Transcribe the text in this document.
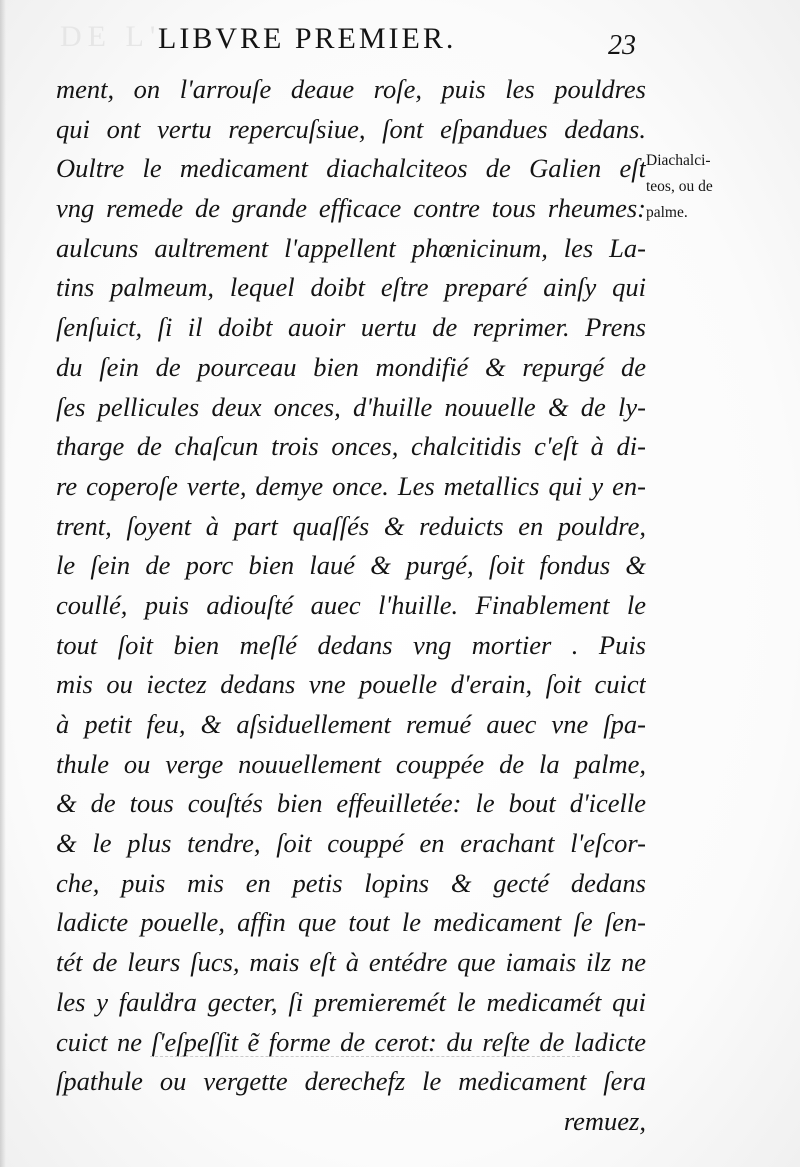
DE L'
LIBVRE PREMIER.	23
ment, on l'arrouſe deaue roſe, puis les pouldres
qui ont vertu repercuſsiue, ſont eſpandues dedans.
Oultre le medicament diachalciteos de Galien eſt
vng remede de grande efficace contre tous rheumes:
aulcuns aultrement l'appellent phœnicinum, les La-
tins palmeum, lequel doibt eſtre preparé ainſy qui
ſenſuict, ſi il doibt auoir uertu de reprimer. Prens
du ſein de pourceau bien mondifié & repurgé de
ſes pellicules deux onces, d'huille nouuelle & de ly-
tharge de chaſcun trois onces, chalcitidis c'eſt à di-
re coperoſe verte, demye once. Les metallics qui y en-
trent, ſoyent à part quaſſés & reduicts en pouldre,
le ſein de porc bien laué & purgé, ſoit fondus &
coullé, puis adiouſté auec l'huille. Finablement le
tout ſoit bien meſlé dedans vng mortier . Puis
mis ou iectez dedans vne pouelle d'erain, ſoit cuict
à petit feu, & aſsiduellement remué auec vne ſpa-
thule ou verge nouuellement couppée de la palme,
& de tous couſtés bien effeuilletée: le bout d'icelle
& le plus tendre, ſoit couppé en erachant l'eſcor-
che, puis mis en petis lopins & gecté dedans
ladicte pouelle, affin que tout le medicament ſe ſen-
tét de leurs ſucs, mais eſt à entédre que iamais ilz ne
les y faulḋra gecter, ſi premieremét le medicamét qui
cuict ne ſ'eſpeſſit ẽ forme de cerot: du reſte de ladicte
ſpathule ou vergette derechefz le medicament ſera
remuez,
Diachalci-
teos, ou de
palme.
